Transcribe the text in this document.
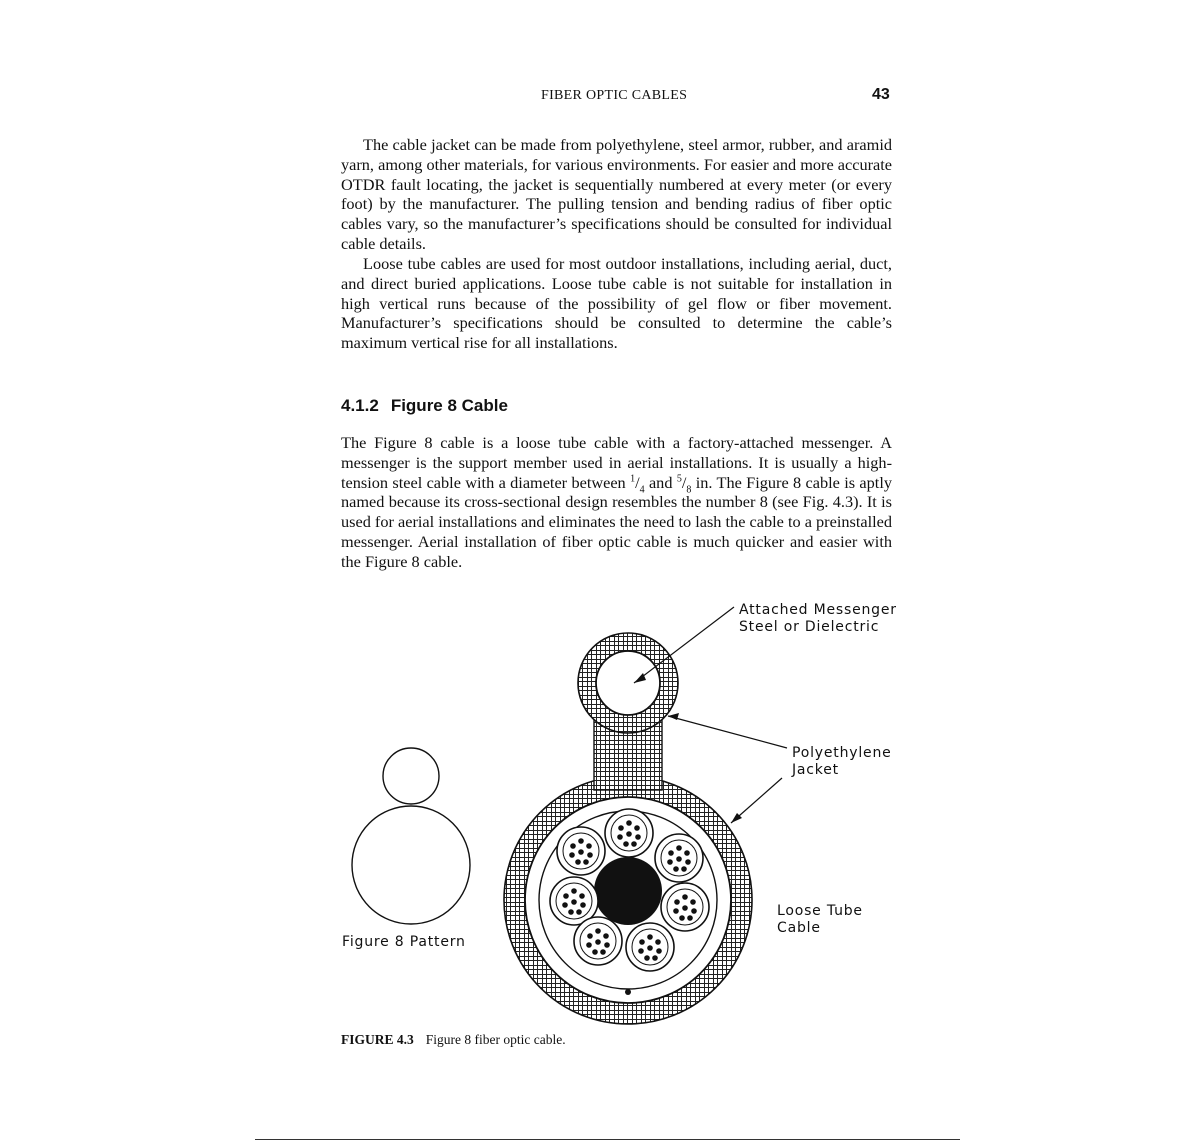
FIBER OPTIC CABLES	43

The cable jacket can be made from polyethylene, steel armor, rubber, and aramid yarn, among other materials, for various environments. For easier and more accurate OTDR fault locating, the jacket is sequentially numbered at every meter (or every foot) by the manufacturer. The pulling tension and bending radius of fiber optic cables vary, so the manufacturer’s specifications should be consulted for individual cable details.

Loose tube cables are used for most outdoor installations, including aerial, duct, and direct buried applications. Loose tube cable is not suitable for installation in high vertical runs because of the possibility of gel flow or fiber movement. Manufacturer’s specifications should be consulted to determine the cable’s maximum vertical rise for all installations.

4.1.2 Figure 8 Cable

The Figure 8 cable is a loose tube cable with a factory-attached messenger. A messenger is the support member used in aerial installations. It is usually a high-tension steel cable with a diameter between $^1/_4$ and $^5/_8$ in. The Figure 8 cable is aptly named because its cross-sectional design resembles the number 8 (see Fig. 4.3). It is used for aerial installations and eliminates the need to lash the cable to a preinstalled messenger. Aerial installation of fiber optic cable is much quicker and easier with the Figure 8 cable.

Attached Messenger
Steel or Dielectric
Polyethylene
Jacket
Loose Tube
Cable
Figure 8 Pattern
FIGURE 4.3 Figure 8 fiber optic cable.
